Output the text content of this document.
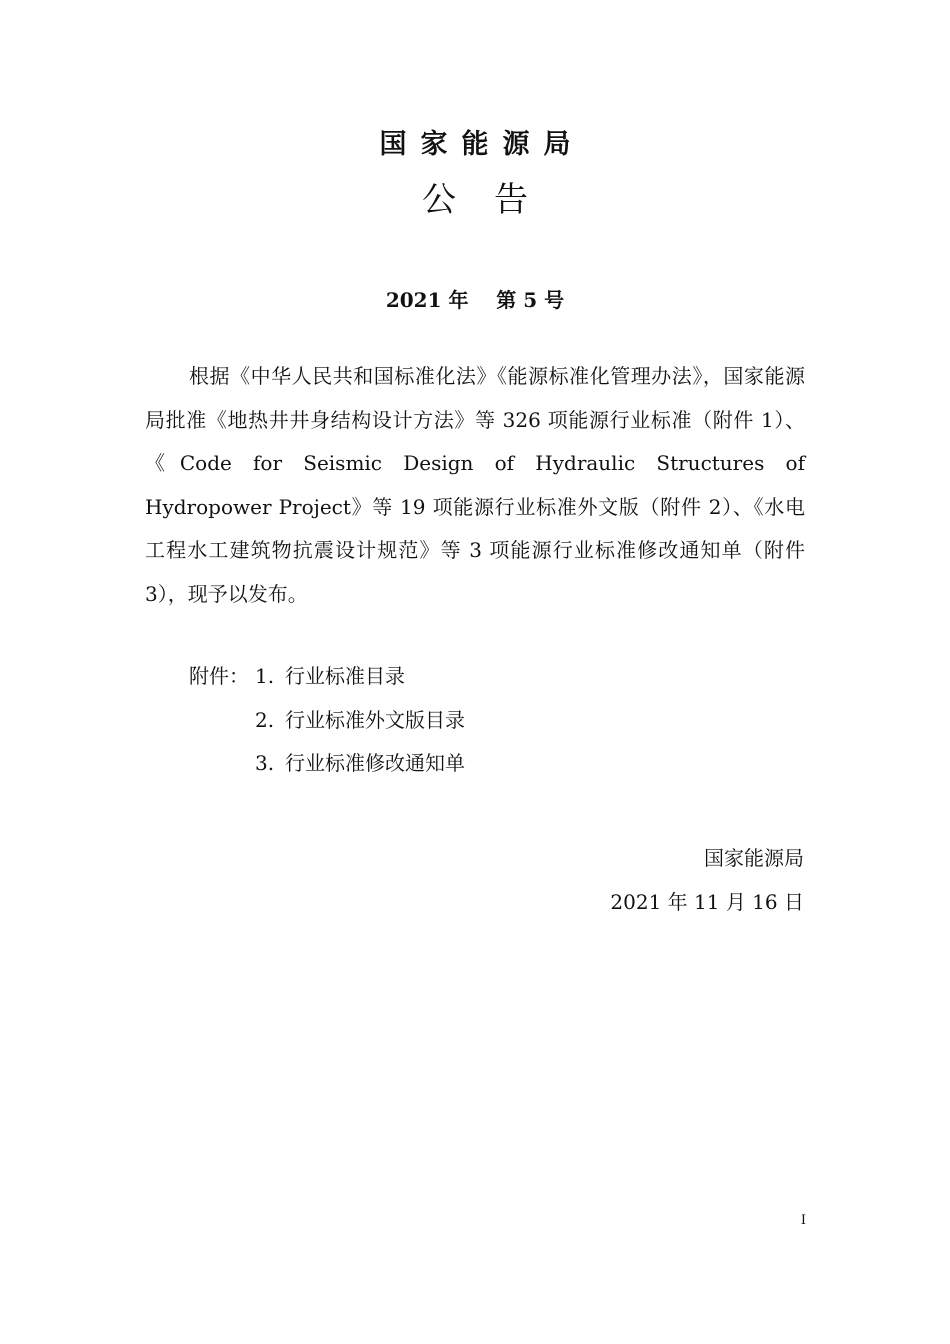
国家能源局
公告
2021 年    第 5 号
根据《中华人民共和国标准化法》《能源标准化管理办法》，国家能源局批准《地热井井身结构设计方法》等 326 项能源行业标准（附件 1）、《Code for Seismic Design of Hydraulic Structures of Hydropower Project》等 19 项能源行业标准外文版（附件 2）、《水电工程水工建筑物抗震设计规范》等 3 项能源行业标准修改通知单（附件 3），现予以发布。
附件： 1. 行业标准目录
2. 行业标准外文版目录
3. 行业标准修改通知单
国家能源局
2021 年 11 月 16 日
I
